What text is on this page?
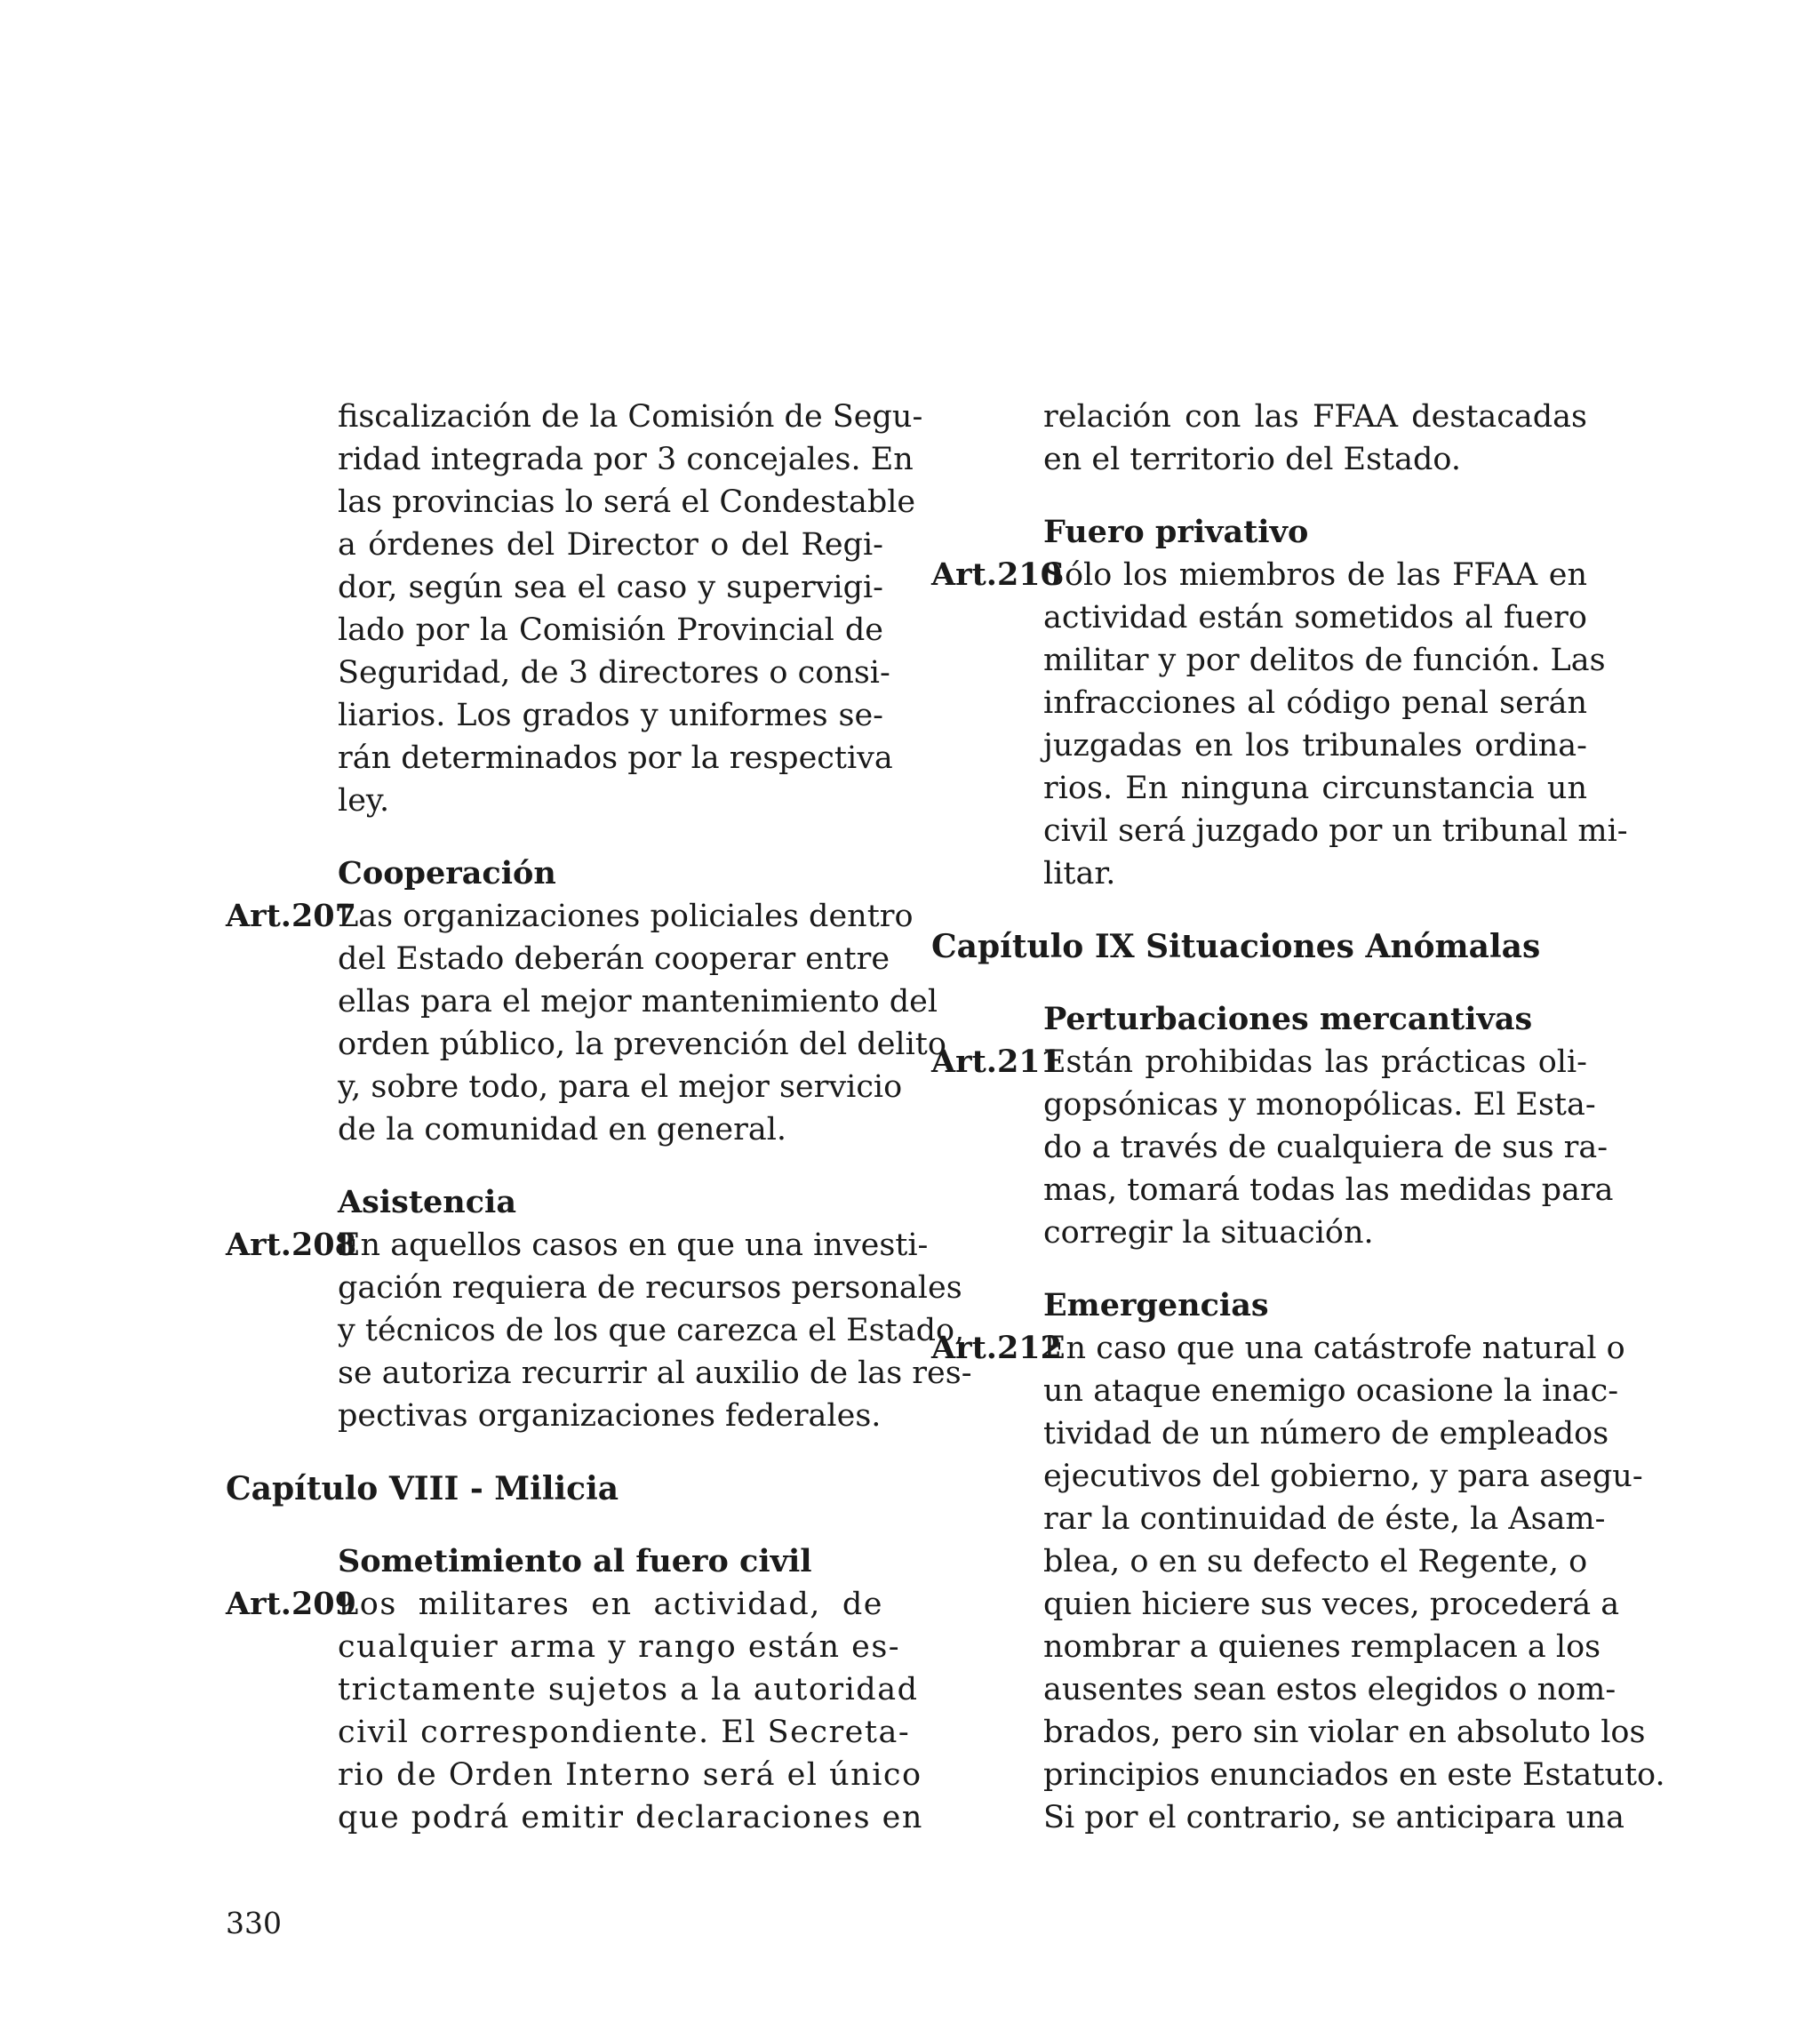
fiscalización de la Comisión de Segu-
ridad integrada por 3 concejales. En
las provincias lo será el Condestable
a órdenes del Director o del Regi-
dor, según sea el caso y supervigi-
lado por la Comisión Provincial de
Seguridad, de 3 directores o consi-
liarios. Los grados y uniformes se-
rán determinados por la respectiva
ley.
Cooperación
Art.207
Las organizaciones policiales dentro
del Estado deberán cooperar entre
ellas para el mejor mantenimiento del
orden público, la prevención del delito
y, sobre todo, para el mejor servicio
de la comunidad en general.
Asistencia
Art.208
En aquellos casos en que una investi-
gación requiera de recursos personales
y técnicos de los que carezca el Estado,
se autoriza recurrir al auxilio de las res-
pectivas organizaciones federales.
Capítulo VIII - Milicia
Sometimiento al fuero civil
Art.209
Los militares en actividad, de
cualquier arma y rango están es-
trictamente sujetos a la autoridad
civil correspondiente. El Secreta-
rio de Orden Interno será el único
que podrá emitir declaraciones en
relación con las FFAA destacadas
en el territorio del Estado.
Fuero privativo
Art.210
Sólo los miembros de las FFAA en
actividad están sometidos al fuero
militar y por delitos de función. Las
infracciones al código penal serán
juzgadas en los tribunales ordina-
rios. En ninguna circunstancia un
civil será juzgado por un tribunal mi-
litar.
Capítulo IX Situaciones Anómalas
Perturbaciones mercantivas
Art.211
Están prohibidas las prácticas oli-
gopsónicas y monopólicas. El Esta-
do a través de cualquiera de sus ra-
mas, tomará todas las medidas para
corregir la situación.
Emergencias
Art.212
En caso que una catástrofe natural o
un ataque enemigo ocasione la inac-
tividad de un número de empleados
ejecutivos del gobierno, y para asegu-
rar la continuidad de éste, la Asam-
blea, o en su defecto el Regente, o
quien hiciere sus veces, procederá a
nombrar a quienes remplacen a los
ausentes sean estos elegidos o nom-
brados, pero sin violar en absoluto los
principios enunciados en este Estatuto.
Si por el contrario, se anticipara una
330
